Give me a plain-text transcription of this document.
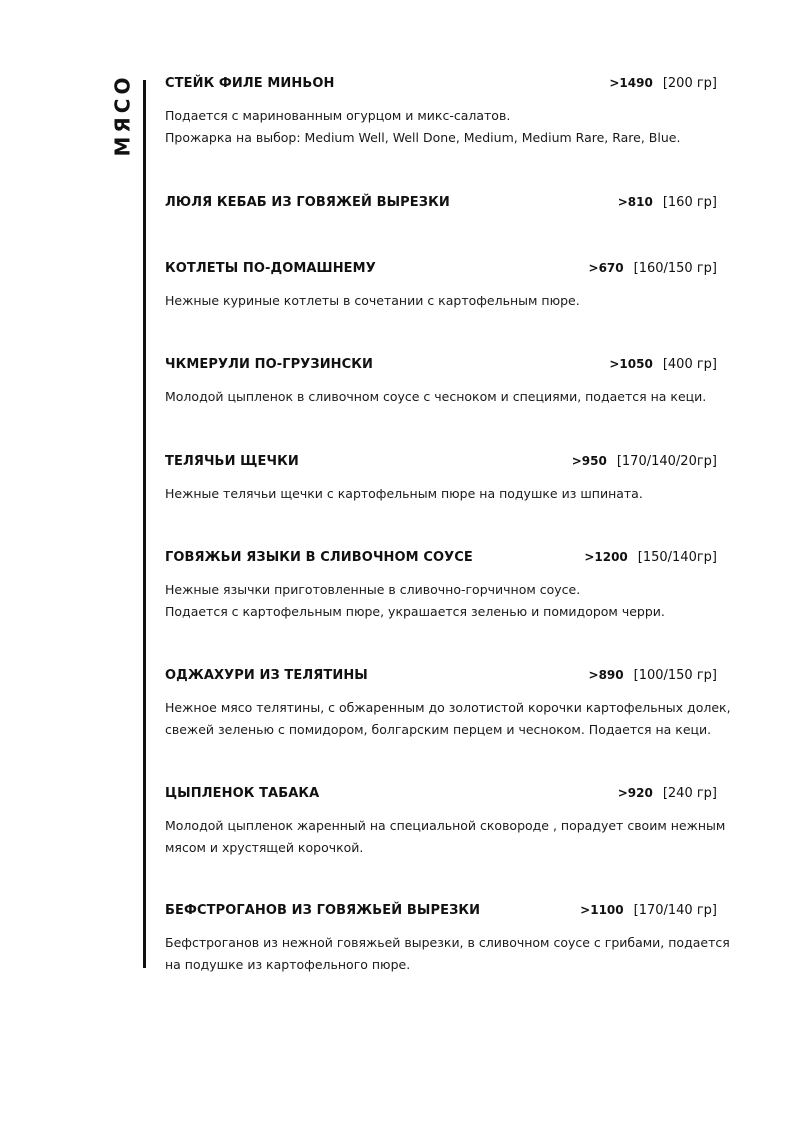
МЯСО СТЕЙК ФИЛЕ МИНЬОН	>1490 [200 гр]
Подается с маринованным огурцом и микс-салатов.
Прожарка на выбор: Medium Well, Well Done, Medium, Medium Rare, Rare, Blue.
ЛЮЛЯ КЕБАБ ИЗ ГОВЯЖЕЙ ВЫРЕЗКИ	>810 [160 гр]
КОТЛЕТЫ ПО-ДОМАШНЕМУ	>670 [160/150 гр]
Нежные куриные котлеты в сочетании с картофельным пюре.
ЧКМЕРУЛИ ПО-ГРУЗИНСКИ	>1050 [400 гр]
Молодой цыпленок в сливочном соусе с чесноком и специями, подается на кеци.
ТЕЛЯЧЬИ ЩЕЧКИ	>950 [170/140/20гр]
Нежные телячьи щечки с картофельным пюре на подушке из шпината.
ГОВЯЖЬИ ЯЗЫКИ В СЛИВОЧНОМ СОУСЕ	>1200 [150/140гр]
Нежные язычки приготовленные в сливочно-горчичном соусе.
Подается с картофельным пюре, украшается зеленью и помидором черри.
ОДЖАХУРИ ИЗ ТЕЛЯТИНЫ	>890 [100/150 гр]
Нежное мясо телятины, с обжаренным до золотистой корочки картофельных долек,
свежей зеленью с помидором, болгарским перцем и чесноком. Подается на кеци.
ЦЫПЛЕНОК ТАБАКА	>920 [240 гр]
Молодой цыпленок жаренный на специальной сковороде , порадует своим нежным
мясом и хрустящей корочкой.
БЕФСТРОГАНОВ ИЗ ГОВЯЖЬЕЙ ВЫРЕЗКИ	>1100 [170/140 гр]
Бефстроганов из нежной говяжьей вырезки, в сливочном соусе с грибами, подается
на подушке из картофельного пюре.
